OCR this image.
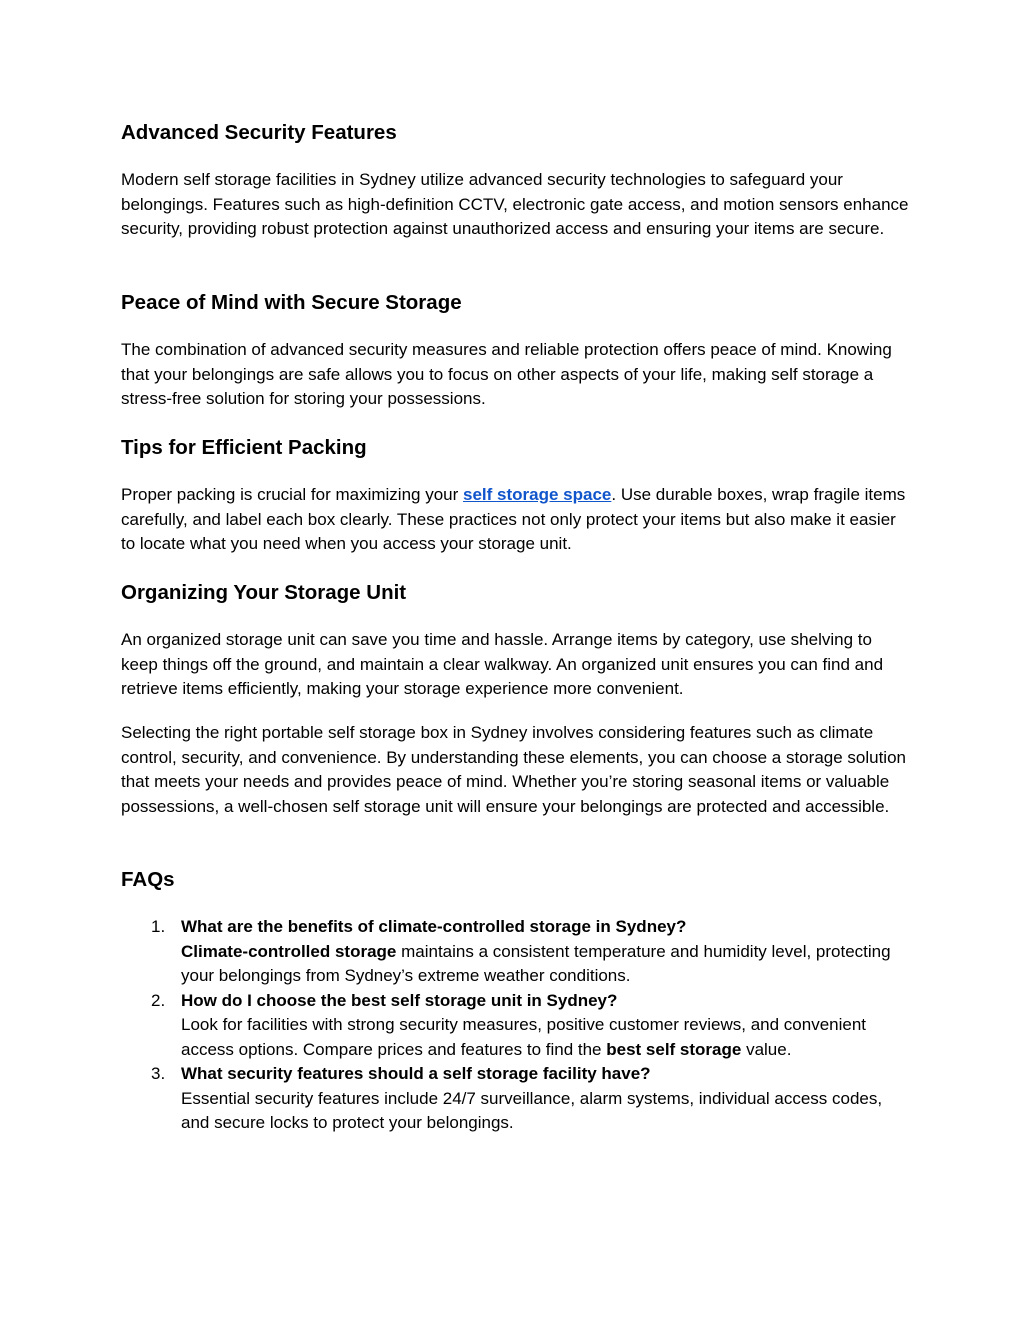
Advanced Security Features

Modern self storage facilities in Sydney utilize advanced security technologies to safeguard your belongings. Features such as high-definition CCTV, electronic gate access, and motion sensors enhance security, providing robust protection against unauthorized access and ensuring your items are secure.

Peace of Mind with Secure Storage

The combination of advanced security measures and reliable protection offers peace of mind. Knowing that your belongings are safe allows you to focus on other aspects of your life, making self storage a stress-free solution for storing your possessions.

Tips for Efficient Packing

Proper packing is crucial for maximizing your self storage space. Use durable boxes, wrap fragile items carefully, and label each box clearly. These practices not only protect your items but also make it easier to locate what you need when you access your storage unit.

Organizing Your Storage Unit

An organized storage unit can save you time and hassle. Arrange items by category, use shelving to keep things off the ground, and maintain a clear walkway. An organized unit ensures you can find and retrieve items efficiently, making your storage experience more convenient.

Selecting the right portable self storage box in Sydney involves considering features such as climate control, security, and convenience. By understanding these elements, you can choose a storage solution that meets your needs and provides peace of mind. Whether you’re storing seasonal items or valuable possessions, a well-chosen self storage unit will ensure your belongings are protected and accessible.

FAQs
1. What are the benefits of climate-controlled storage in Sydney?
Climate-controlled storage maintains a consistent temperature and humidity level, protecting your belongings from Sydney’s extreme weather conditions.
2. How do I choose the best self storage unit in Sydney?
Look for facilities with strong security measures, positive customer reviews, and convenient access options. Compare prices and features to find the best self storage value.
3. What security features should a self storage facility have?
Essential security features include 24/7 surveillance, alarm systems, individual access codes, and secure locks to protect your belongings.
